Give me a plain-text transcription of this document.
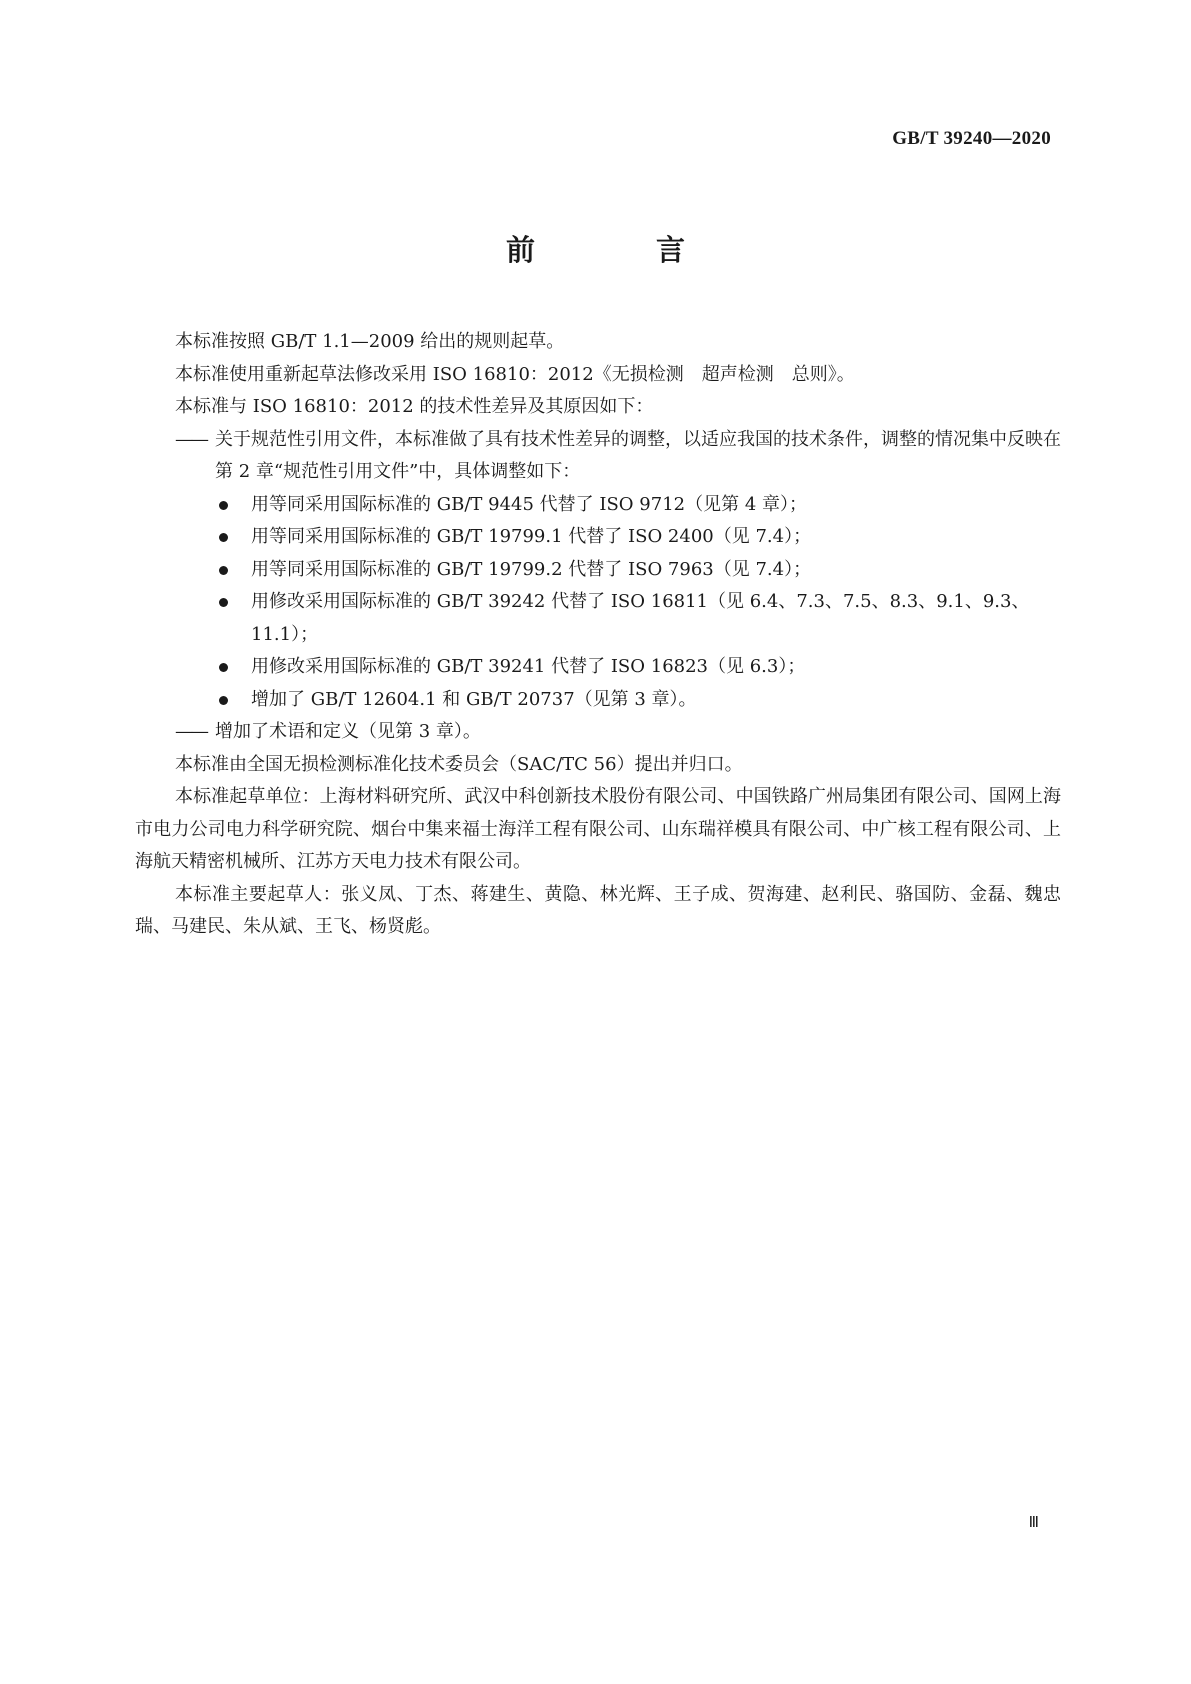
GB/T 39240—2020
前　言

本标准按照 GB/T 1.1—2009 给出的规则起草。

本标准使用重新起草法修改采用 ISO 16810：2012《无损检测　超声检测　总则》。

本标准与 ISO 16810：2012 的技术性差异及其原因如下：

—— 关于规范性引用文件，本标准做了具有技术性差异的调整，以适应我国的技术条件，调整的情况集中反映在第 2 章“规范性引用文件”中，具体调整如下：
用等同采用国际标准的 GB/T 9445 代替了 ISO 9712（见第 4 章）；
用等同采用国际标准的 GB/T 19799.1 代替了 ISO 2400（见 7.4）；
用等同采用国际标准的 GB/T 19799.2 代替了 ISO 7963（见 7.4）；
用修改采用国际标准的 GB/T 39242 代替了 ISO 16811（见 6.4、7.3、7.5、8.3、9.1、9.3、11.1）；
用修改采用国际标准的 GB/T 39241 代替了 ISO 16823（见 6.3）；
增加了 GB/T 12604.1 和 GB/T 20737（见第 3 章）。
—— 增加了术语和定义（见第 3 章）。

本标准由全国无损检测标准化技术委员会（SAC/TC 56）提出并归口。

本标准起草单位：上海材料研究所、武汉中科创新技术股份有限公司、中国铁路广州局集团有限公司、国网上海市电力公司电力科学研究院、烟台中集来福士海洋工程有限公司、山东瑞祥模具有限公司、中广核工程有限公司、上海航天精密机械所、江苏方天电力技术有限公司。

本标准主要起草人：张义凤、丁杰、蒋建生、黄隐、林光辉、王子成、贺海建、赵利民、骆国防、金磊、魏忠瑞、马建民、朱从斌、王飞、杨贤彪。

Ⅲ
